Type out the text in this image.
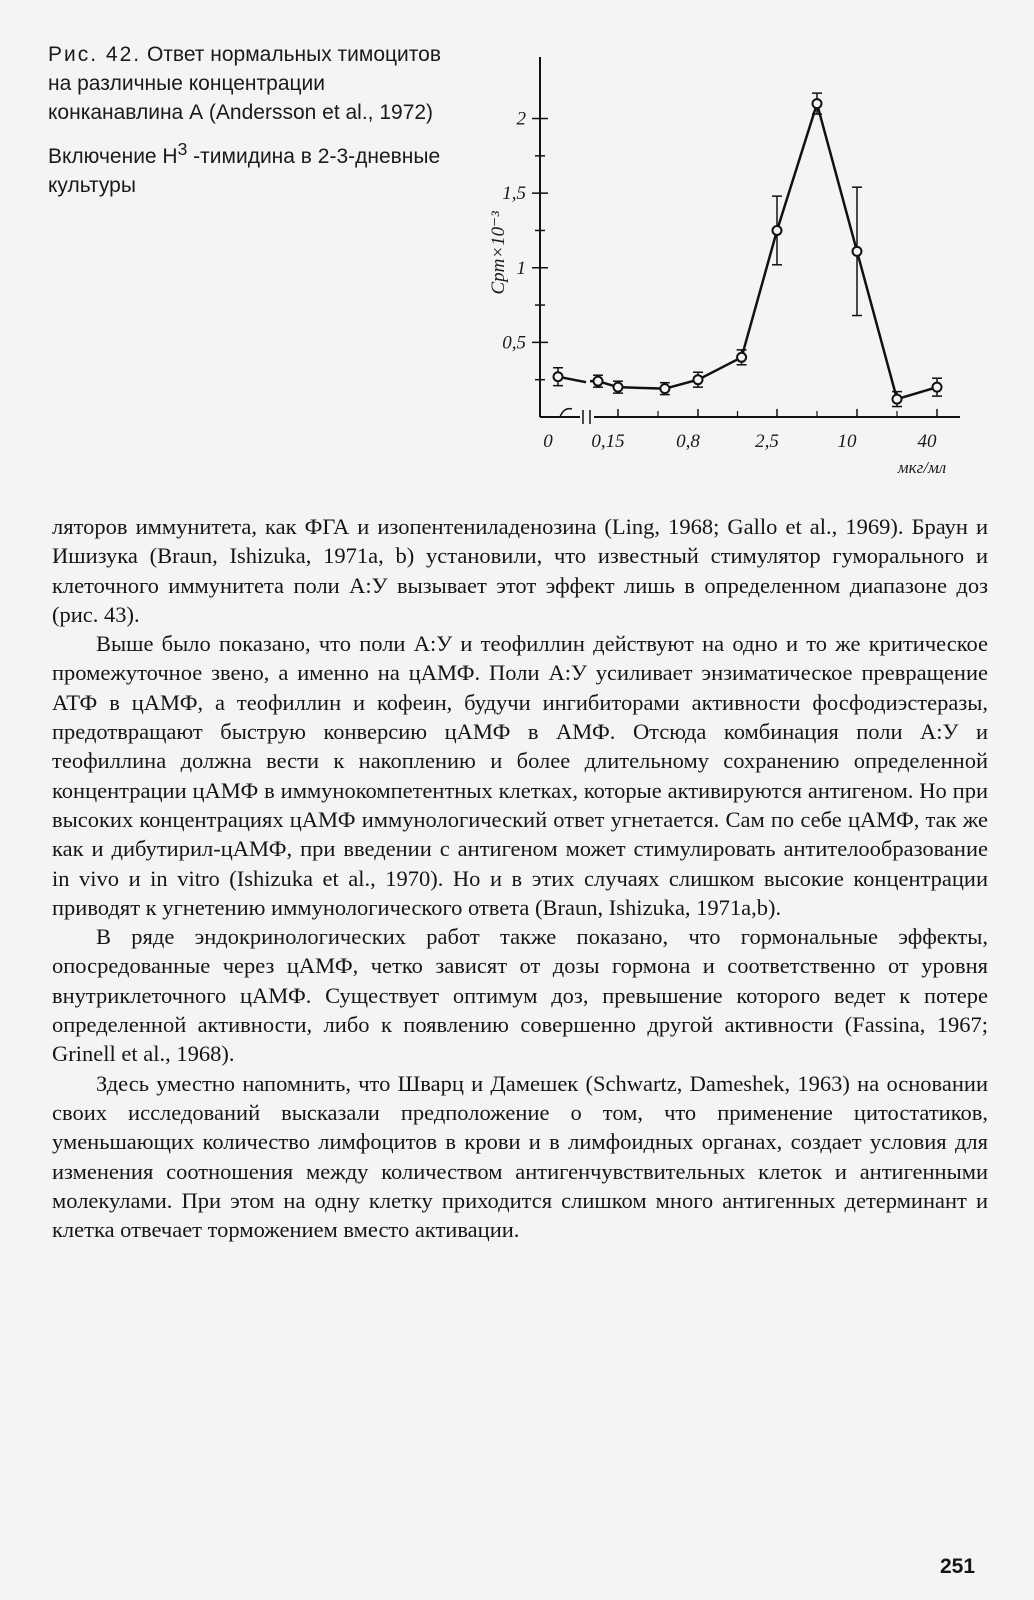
Рис. 42. Ответ нормальных тимоцитов на различные концентрации конканавлина А (Andersson et al., 1972)

Включение $H^3$ -тимидина в 2-3-дневные культуры

0,5
1
1,5
2
Cpm×10⁻³
0 0,15	0,8	2,5	10	40
мкг/мл

ляторов иммунитета, как ФГА и изопентениладенозина (Ling, 1968; Gallo et al., 1969). Браун и Ишизука (Braun, Ishizuka, 1971a, b) установили, что известный стимулятор гуморального и клеточного иммунитета поли А:У вызывает этот эффект лишь в определенном диапазоне доз (рис. 43).

Выше было показано, что поли А:У и теофиллин действуют на одно и то же критическое промежуточное звено, а именно на цАМФ. Поли А:У усиливает энзиматическое превращение АТФ в цАМФ, а теофиллин и кофеин, будучи ингибиторами активности фосфодиэстеразы, предотвращают быструю конверсию цАМФ в АМФ. Отсюда комбинация поли А:У и теофиллина должна вести к накоплению и более длительному сохранению определенной концентрации цАМФ в иммунокомпетентных клетках, которые активируются антигеном. Но при высоких концентрациях цАМФ иммунологический ответ угнетается. Сам по себе цАМФ, так же как и дибутирил-цАМФ, при введении с антигеном может стимулировать антителообразование in vivo и in vitro (Ishizuka et al., 1970). Но и в этих случаях слишком высокие концентрации приводят к угнетению иммунологического ответа (Braun, Ishizuka, 1971a,b).

В ряде эндокринологических работ также показано, что гормональные эффекты, опосредованные через цАМФ, четко зависят от дозы гормона и соответственно от уровня внутриклеточного цАМФ. Существует оптимум доз, превышение которого ведет к потере определенной активности, либо к появлению совершенно другой активности (Fassina, 1967; Grinell et al., 1968).

Здесь уместно напомнить, что Шварц и Дамешек (Schwartz, Dameshek, 1963) на основании своих исследований высказали предположение о том, что применение цитостатиков, уменьшающих количество лимфоцитов в крови и в лимфоидных органах, создает условия для изменения соотношения между количеством антигенчувствительных клеток и антигенными молекулами. При этом на одну клетку приходится слишком много антигенных детерминант и клетка отвечает торможением вместо активации.

251
